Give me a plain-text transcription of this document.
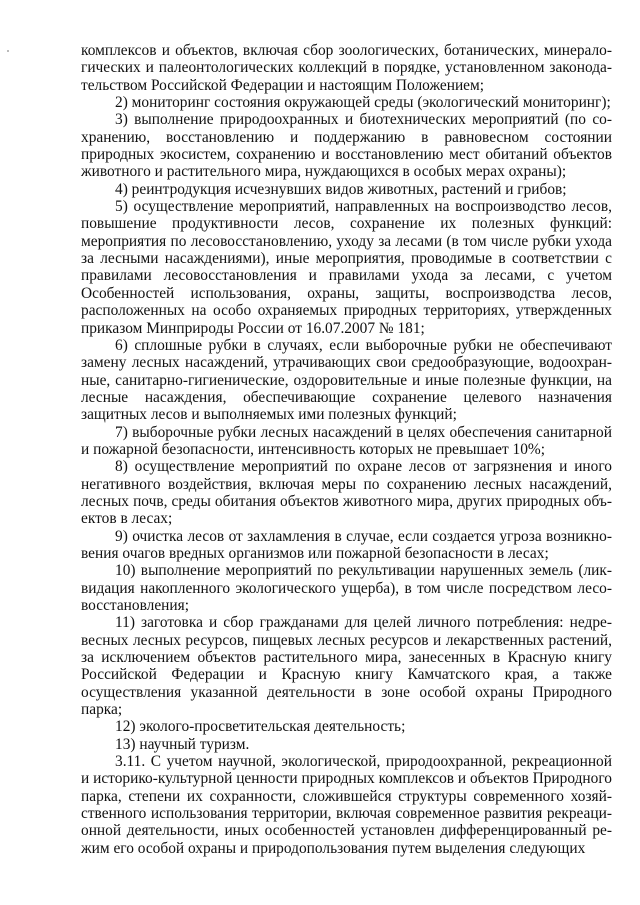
комплексов и объектов, включая сбор зоологических, ботанических, минералогических и палеонтологических коллекций в порядке, установленном законодательством Российской Федерации и настоящим Положением;

2) мониторинг состояния окружающей среды (экологический мониторинг);

3) выполнение природоохранных и биотехнических мероприятий (по сохранению, восстановлению и поддержанию в равновесном состоянии природных экосистем, сохранению и восстановлению мест обитаний объектов животного и растительного мира, нуждающихся в особых мерах охраны);

4) реинтродукция исчезнувших видов животных, растений и грибов;

5) осуществление мероприятий, направленных на воспроизводство лесов, повышение продуктивности лесов, сохранение их полезных функций: мероприятия по лесовосстановлению, уходу за лесами (в том числе рубки ухода за лесными насаждениями), иные мероприятия, проводимые в соответствии с правилами лесовосстановления и правилами ухода за лесами, с учетом Особенностей использования, охраны, защиты, воспроизводства лесов, расположенных на особо охраняемых природных территориях, утвержденных приказом Минприроды России от 16.07.2007 № 181;

6) сплошные рубки в случаях, если выборочные рубки не обеспечивают замену лесных насаждений, утрачивающих свои средообразующие, водоохранные, санитарно-гигиенические, оздоровительные и иные полезные функции, на лесные насаждения, обеспечивающие сохранение целевого назначения защитных лесов и выполняемых ими полезных функций;

7) выборочные рубки лесных насаждений в целях обеспечения санитарной и пожарной безопасности, интенсивность которых не превышает 10%;

8) осуществление мероприятий по охране лесов от загрязнения и иного негативного воздействия, включая меры по сохранению лесных насаждений, лесных почв, среды обитания объектов животного мира, других природных объектов в лесах;

9) очистка лесов от захламления в случае, если создается угроза возникновения очагов вредных организмов или пожарной безопасности в лесах;

10) выполнение мероприятий по рекультивации нарушенных земель (ликвидация накопленного экологического ущерба), в том числе посредством лесовосстановления;

11) заготовка и сбор гражданами для целей личного потребления: недревесных лесных ресурсов, пищевых лесных ресурсов и лекарственных растений, за исключением объектов растительного мира, занесенных в Красную книгу Российской Федерации и Красную книгу Камчатского края, а также осуществления указанной деятельности в зоне особой охраны Природного парка;

12) эколого-просветительская деятельность;

13) научный туризм.

3.11. С учетом научной, экологической, природоохранной, рекреационной и историко-культурной ценности природных комплексов и объектов Природного парка, степени их сохранности, сложившейся структуры современного хозяйственного использования территории, включая современное развития рекреационной деятельности, иных особенностей установлен дифференцированный режим его особой охраны и природопользования путем выделения следующих
